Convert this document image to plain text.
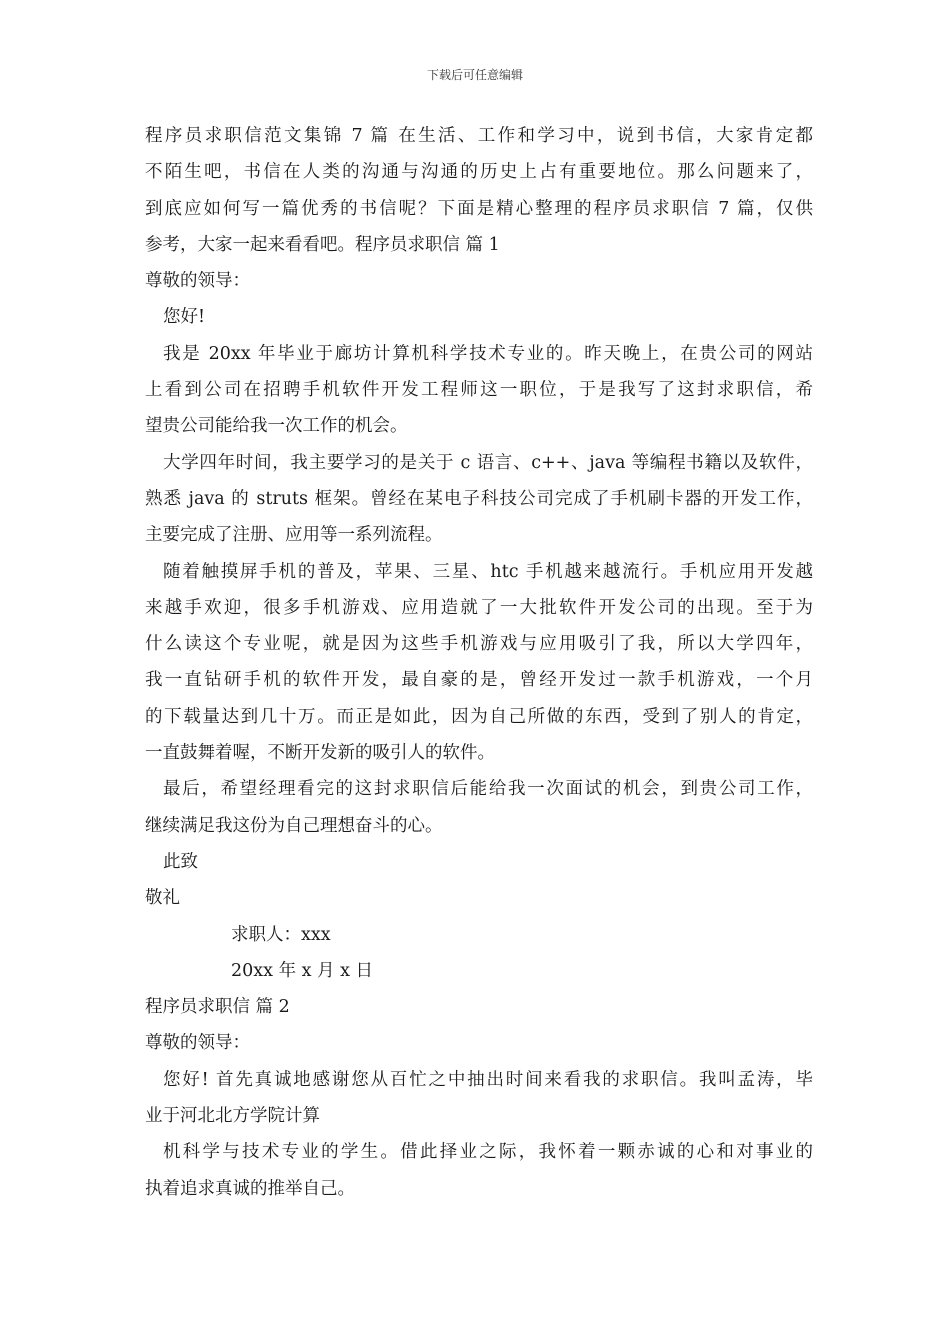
下载后可任意编辑
程序员求职信范文集锦 7 篇 在生活、工作和学习中，说到书信，大家肯定都
不陌生吧，书信在人类的沟通与沟通的历史上占有重要地位。那么问题来了，
到底应如何写一篇优秀的书信呢？下面是精心整理的程序员求职信 7 篇，仅供
参考，大家一起来看看吧。程序员求职信 篇 1
尊敬的领导：
您好!
我是 20xx 年毕业于廊坊计算机科学技术专业的。昨天晚上，在贵公司的网站
上看到公司在招聘手机软件开发工程师这一职位，于是我写了这封求职信，希
望贵公司能给我一次工作的机会。
大学四年时间，我主要学习的是关于 c 语言、c++、java 等编程书籍以及软件，
熟悉 java 的 struts 框架。曾经在某电子科技公司完成了手机刷卡器的开发工作，
主要完成了注册、应用等一系列流程。
随着触摸屏手机的普及，苹果、三星、htc 手机越来越流行。手机应用开发越
来越手欢迎，很多手机游戏、应用造就了一大批软件开发公司的出现。至于为
什么读这个专业呢，就是因为这些手机游戏与应用吸引了我，所以大学四年，
我一直钻研手机的软件开发，最自豪的是，曾经开发过一款手机游戏，一个月
的下载量达到几十万。而正是如此，因为自己所做的东西，受到了别人的肯定，
一直鼓舞着喔，不断开发新的吸引人的软件。
最后，希望经理看完的这封求职信后能给我一次面试的机会，到贵公司工作，
继续满足我这份为自己理想奋斗的心。
此致
敬礼
求职人：xxx
20xx 年 x 月 x 日
程序员求职信 篇 2
尊敬的领导：
您好! 首先真诚地感谢您从百忙之中抽出时间来看我的求职信。我叫孟涛，毕
业于河北北方学院计算
机科学与技术专业的学生。借此择业之际，我怀着一颗赤诚的心和对事业的
执着追求真诚的推举自己。
